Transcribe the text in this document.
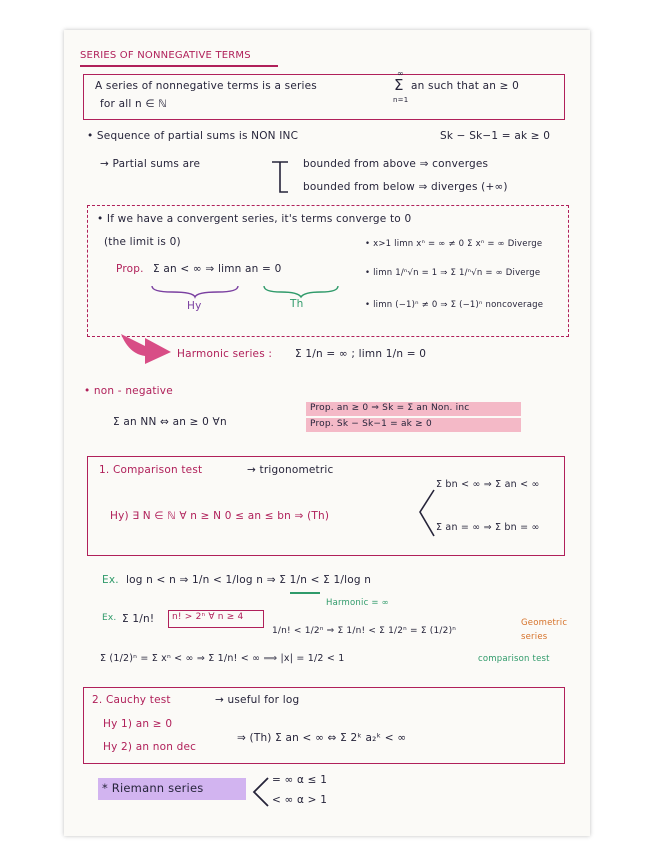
SERIES OF NONNEGATIVE TERMS
A series of nonnegative terms is a series
∞
Σ
n=1
an such that an ≥ 0
for all n ∈ ℕ
• Sequence of partial sums is NON INC	Sk − Sk−1 = ak ≥ 0
→ Partial sums are	bounded from above ⇒ converges
bounded from below ⇒ diverges (+∞)
• If we have a convergent series, it's terms converge to 0
(the limit is 0)
Prop. Σ an < ∞ ⇒ limn an = 0
Hy	Th
• x>1 limn xⁿ = ∞ ≠ 0 Σ xⁿ = ∞ Diverge
• limn 1/ⁿ√n = 1 ⇒ Σ 1/ⁿ√n = ∞ Diverge
• limn (−1)ⁿ ≠ 0 ⇒ Σ (−1)ⁿ noncoverage
Harmonic series : Σ 1/n = ∞ ; limn 1/n = 0
• non - negative
Σ an NN ⇔ an ≥ 0 ∀n
Prop. an ≥ 0 ⇒ Sk = Σ an Non. inc
Prop. Sk − Sk−1 = ak ≥ 0
1. Comparison test	→ trigonometric
Hy) ∃ N ∈ ℕ ∀ n ≥ N 0 ≤ an ≤ bn ⇒ (Th)
Σ bn < ∞ ⇒ Σ an < ∞
Σ an = ∞ ⇒ Σ bn = ∞
Ex. log n < n ⇒ 1/n < 1/log n ⇒ Σ 1/n < Σ 1/log n
Harmonic = ∞
Ex. Σ 1/n! n! > 2ⁿ ∀ n ≥ 4
1/n! < 1/2ⁿ ⇒ Σ 1/n! < Σ 1/2ⁿ = Σ (1/2)ⁿ
Geometric series
Σ (1/2)ⁿ = Σ xⁿ < ∞ ⇒ Σ 1/n! < ∞ ⟹ |x| = 1/2 < 1	comparison test
2. Cauchy test	→ useful for log
Hy 1) an ≥ 0
Hy 2) an non dec
⇒ (Th) Σ an < ∞ ⇔ Σ 2ᵏ a₂ᵏ < ∞
* Riemann series
= ∞ α ≤ 1
< ∞ α > 1
